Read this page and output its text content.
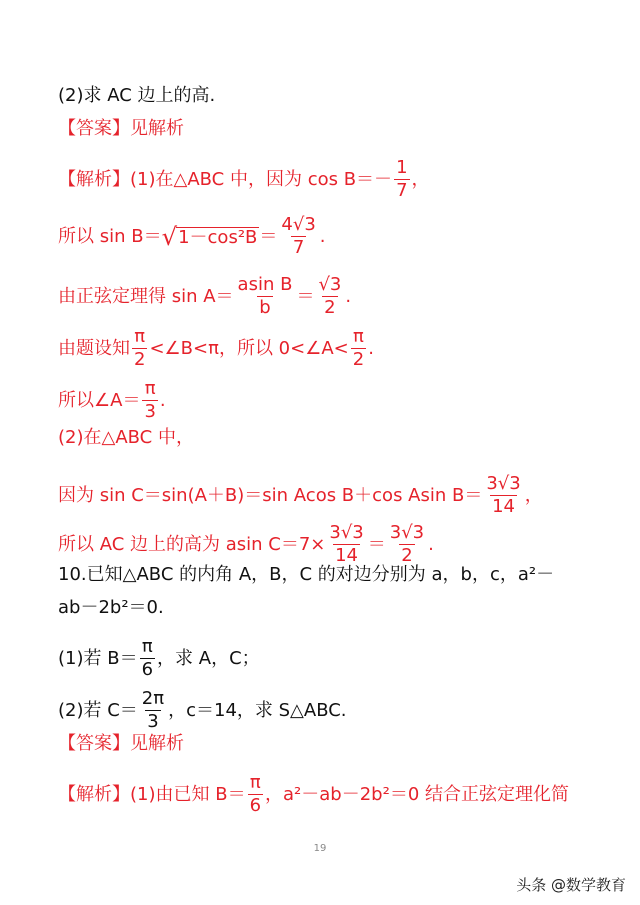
(2)求 AC 边上的高.
【答案】见解析
【解析】(1)在△ABC 中，因为 $\cos B=- \frac{1}{7}$ ，
所以 sin B＝ √ $1-\cos^2B = \frac{4√3}{7}$ .
由正弦定理得 $\sin A= \frac{\text{asin B}}{b} = \frac{√3}{2}$ .
由题设知 $\frac{\pi}{2}$ <∠B<π，所以 0<∠A< $\frac{\pi}{2}$ .
所以∠A＝ $\frac{\pi}{3}$ .
(2)在△ABC 中，
因为 sin C＝sin(A＋B)＝sin Acos B＋cos Asin $B= \frac{3√3}{14}$ ，
所以 AC 边上的高为 asin $C=7\times \frac{3√3}{14} = \frac{3√3}{2}$ .
10.已知△ABC 的内角 A，B，C 的对边分别为 a，b，c，a²－
ab－2b²＝0.
(1)若 $B= \frac{\pi}{6}$ ，求 A，C；
(2)若 $C= \frac{2\pi}{3}$ ，c＝14，求 S△ABC.
【答案】见解析
【解析】(1)由已知 $B= \frac{\pi}{6}$ ，a²－ab－2b²＝0 结合正弦定理化简
19
头条 @数学教育
